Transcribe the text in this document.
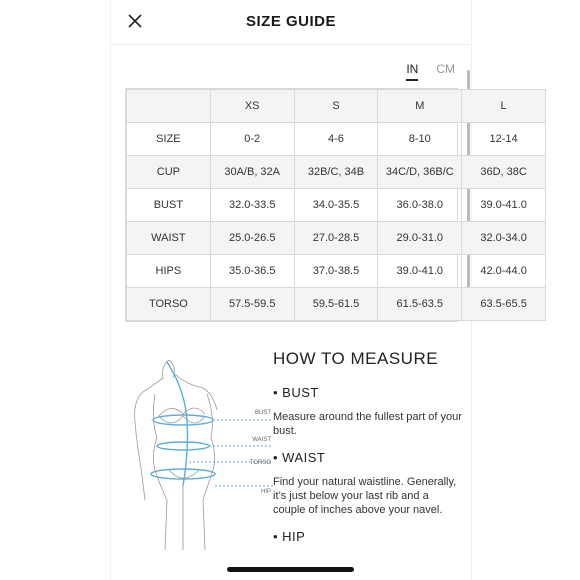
SIZE GUIDE
IN CM
	XS	S	M	L
SIZE	0-2	4-6	8-10	12-14
CUP	30A/B, 32A	32B/C, 34B	34C/D, 36B/C	36D, 38C
BUST	32.0-33.5	34.0-35.5	36.0-38.0	39.0-41.0
WAIST	25.0-26.5	27.0-28.5	29.0-31.0	32.0-34.0
HIPS	35.0-36.5	37.0-38.5	39.0-41.0	42.0-44.0
TORSO	57.5-59.5	59.5-61.5	61.5-63.5	63.5-65.5
BUST
WAIST
TORSO
HIP
HOW TO MEASURE
• BUST
Measure around the fullest part of your bust.
• WAIST
Find your natural waistline. Generally, it’s just below your last rib and a couple of inches above your navel.
• HIP
